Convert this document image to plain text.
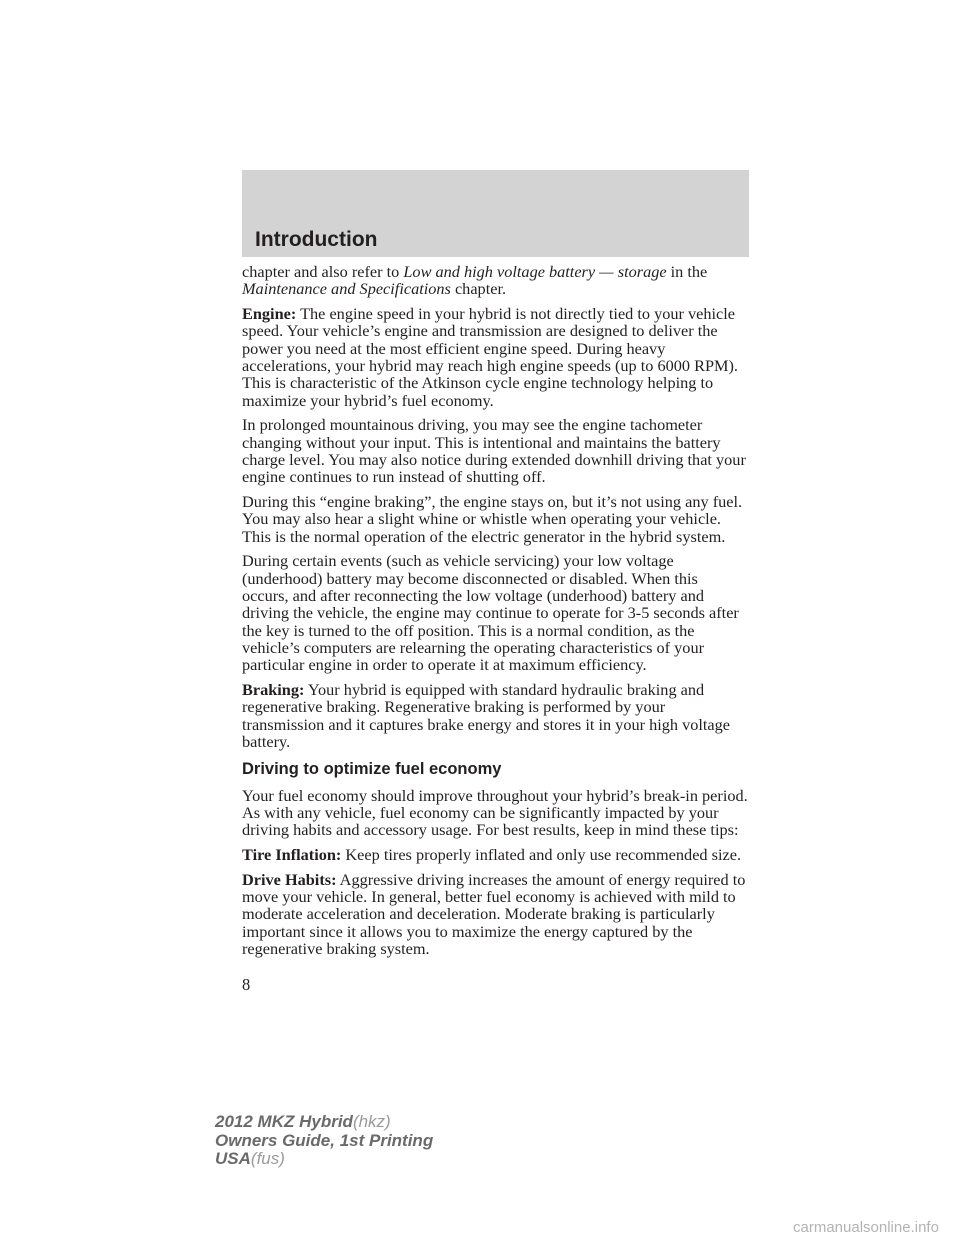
Introduction

chapter and also refer to Low and high voltage battery — storage in the Maintenance and Specifications chapter.

Engine: The engine speed in your hybrid is not directly tied to your vehicle speed. Your vehicle’s engine and transmission are designed to deliver the power you need at the most efficient engine speed. During heavy accelerations, your hybrid may reach high engine speeds (up to 6000 RPM). This is characteristic of the Atkinson cycle engine technology helping to maximize your hybrid’s fuel economy.

In prolonged mountainous driving, you may see the engine tachometer changing without your input. This is intentional and maintains the battery charge level. You may also notice during extended downhill driving that your engine continues to run instead of shutting off.

During this “engine braking”, the engine stays on, but it’s not using any fuel. You may also hear a slight whine or whistle when operating your vehicle. This is the normal operation of the electric generator in the hybrid system.

During certain events (such as vehicle servicing) your low voltage (underhood) battery may become disconnected or disabled. When this occurs, and after reconnecting the low voltage (underhood) battery and driving the vehicle, the engine may continue to operate for 3-5 seconds after the key is turned to the off position. This is a normal condition, as the vehicle’s computers are relearning the operating characteristics of your particular engine in order to operate it at maximum efficiency.

Braking: Your hybrid is equipped with standard hydraulic braking and regenerative braking. Regenerative braking is performed by your transmission and it captures brake energy and stores it in your high voltage battery.

Driving to optimize fuel economy

Your fuel economy should improve throughout your hybrid’s break-in period. As with any vehicle, fuel economy can be significantly impacted by your driving habits and accessory usage. For best results, keep in mind these tips:

Tire Inflation: Keep tires properly inflated and only use recommended size.

Drive Habits: Aggressive driving increases the amount of energy required to move your vehicle. In general, better fuel economy is achieved with mild to moderate acceleration and deceleration. Moderate braking is particularly important since it allows you to maximize the energy captured by the regenerative braking system.

8
2012 MKZ Hybrid(hkz)
Owners Guide, 1st Printing
USA(fus)
carmanualsonline.info
